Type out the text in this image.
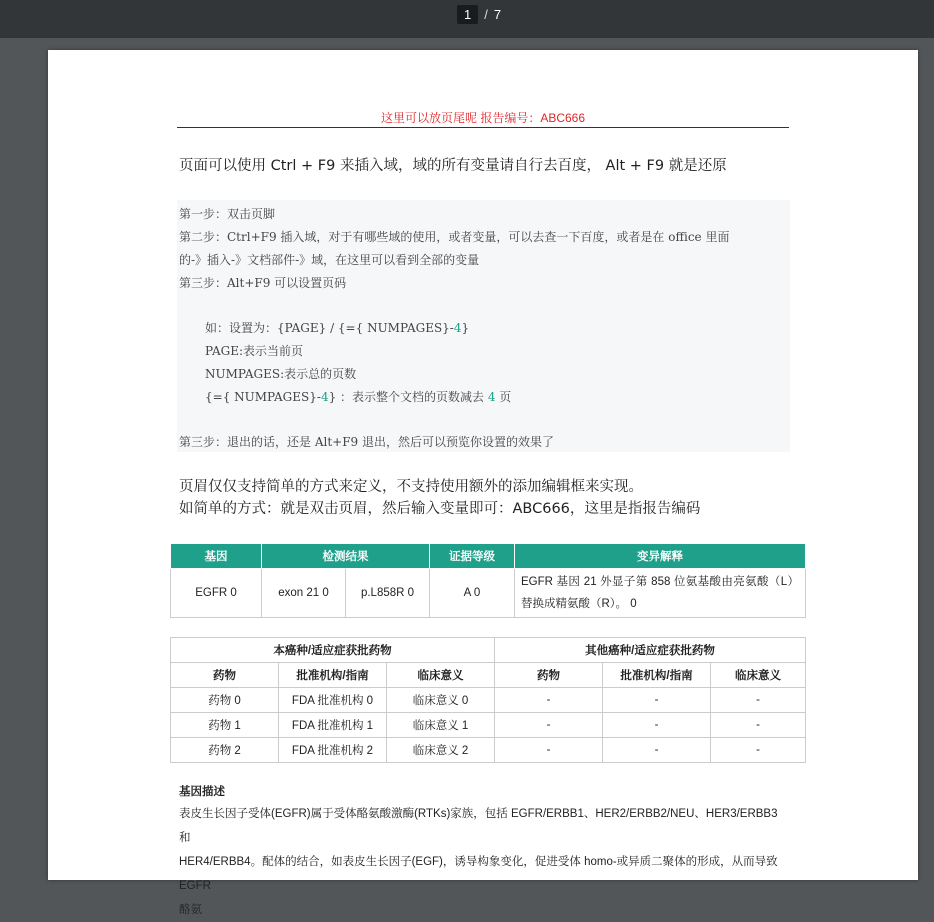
1	/ 7
这里可以放页尾呢 报告编号：ABC666
页面可以使用 Ctrl + F9 来插入域，域的所有变量请自行去百度， Alt + F9 就是还原
第一步：双击页脚
第二步：Ctrl+F9 插入域，对于有哪些域的使用，或者变量，可以去查一下百度，或者是在 office 里面
的-》插入-》文档部件-》域，在这里可以看到全部的变量
第三步：Alt+F9 可以设置页码
如：设置为：{PAGE} / {={ NUMPAGES}-4}
PAGE:表示当前页
NUMPAGES:表示总的页数
{={ NUMPAGES}-4} ：表示整个文档的页数减去 4 页
第三步：退出的话，还是 Alt+F9 退出，然后可以预览你设置的效果了
页眉仅仅支持简单的方式来定义，不支持使用额外的添加编辑框来实现。
如简单的方式：就是双击页眉，然后输入变量即可：ABC666，这里是指报告编码
基因	检测结果		证据等级	变异解释
EGFR 0	exon 21 0	p.L858R 0	A 0	EGFR 基因 21 外显子第 858 位氨基酸由亮氨酸（L）替换成精氨酸（R）。 0
本癌种/适应症获批药物			其他癌种/适应症获批药物		
药物	批准机构/指南	临床意义	药物	批准机构/指南	临床意义
药物 0	FDA 批准机构 0	临床意义 0	-	-	-
药物 1	FDA 批准机构 1	临床意义 1	-	-	-
药物 2	FDA 批准机构 2	临床意义 2	-	-	-
基因描述
表皮生长因子受体(EGFR)属于受体酪氨酸激酶(RTKs)家族，包括 EGFR/ERBB1、HER2/ERBB2/NEU、HER3/ERBB3 和
HER4/ERBB4。配体的结合，如表皮生长因子(EGF)，诱导构象变化，促进受体 homo-或异质二聚体的形成，从而导致 EGFR
酪氨
